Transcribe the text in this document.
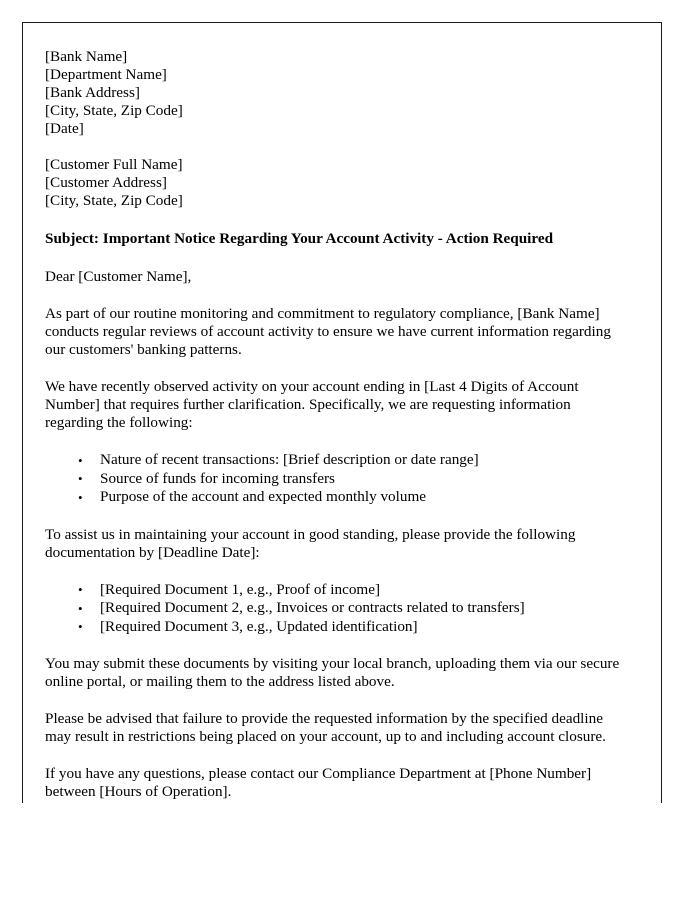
[Bank Name]
[Department Name]
[Bank Address]
[City, State, Zip Code]
[Date]
[Customer Full Name]
[Customer Address]
[City, State, Zip Code]

Subject: Important Notice Regarding Your Account Activity - Action Required

Dear [Customer Name],

As part of our routine monitoring and commitment to regulatory compliance, [Bank Name] conducts regular reviews of account activity to ensure we have current information regarding our customers' banking patterns.

We have recently observed activity on your account ending in [Last 4 Digits of Account Number] that requires further clarification. Specifically, we are requesting information regarding the following:

• Nature of recent transactions: [Brief description or date range]
• Source of funds for incoming transfers
• Purpose of the account and expected monthly volume

To assist us in maintaining your account in good standing, please provide the following documentation by [Deadline Date]:

• [Required Document 1, e.g., Proof of income]
• [Required Document 2, e.g., Invoices or contracts related to transfers]
• [Required Document 3, e.g., Updated identification]

You may submit these documents by visiting your local branch, uploading them via our secure online portal, or mailing them to the address listed above.

Please be advised that failure to provide the requested information by the specified deadline may result in restrictions being placed on your account, up to and including account closure.

If you have any questions, please contact our Compliance Department at [Phone Number] between [Hours of Operation].
